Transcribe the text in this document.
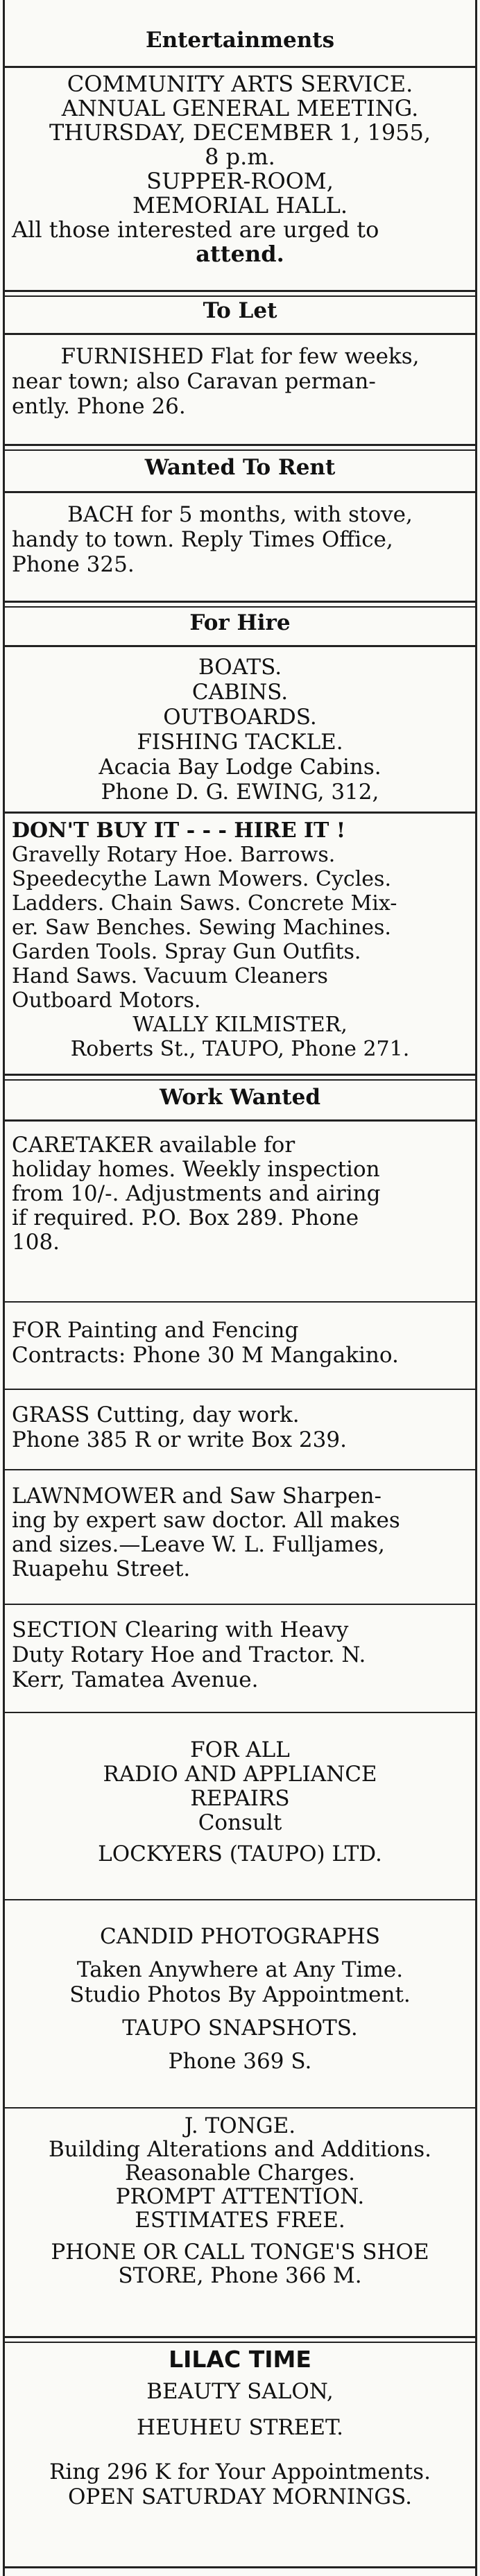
Entertainments
COMMUNITY ARTS SERVICE.
ANNUAL GENERAL MEETING.
THURSDAY, DECEMBER 1, 1955,
8 p.m.
SUPPER-ROOM,
MEMORIAL HALL.
All those interested are urged to
attend.
To Let
FURNISHED Flat for few weeks,
near town; also Caravan perman-
ently. Phone 26.
Wanted To Rent
BACH for 5 months, with stove,
handy to town. Reply Times Office,
Phone 325.
For Hire
BOATS.
CABINS.
OUTBOARDS.
FISHING TACKLE.
Acacia Bay Lodge Cabins.
Phone D. G. EWING, 312,
DON'T BUY IT - - - HIRE IT !
Gravelly Rotary Hoe. Barrows.
Speedecythe Lawn Mowers. Cycles.
Ladders. Chain Saws. Concrete Mix-
er. Saw Benches. Sewing Machines.
Garden Tools. Spray Gun Outfits.
Hand Saws. Vacuum Cleaners
Outboard Motors.
WALLY KILMISTER,
Roberts St., TAUPO, Phone 271.
Work Wanted
CARETAKER available for
holiday homes. Weekly inspection
from 10/-. Adjustments and airing
if required. P.O. Box 289. Phone
108.
FOR Painting and Fencing
Contracts: Phone 30 M Mangakino.
GRASS Cutting, day work.
Phone 385 R or write Box 239.
LAWNMOWER and Saw Sharpen-
ing by expert saw doctor. All makes
and sizes.—Leave W. L. Fulljames,
Ruapehu Street.
SECTION Clearing with Heavy
Duty Rotary Hoe and Tractor. N.
Kerr, Tamatea Avenue.
FOR ALL
RADIO AND APPLIANCE
REPAIRS
Consult
LOCKYERS (TAUPO) LTD.
CANDID PHOTOGRAPHS
Taken Anywhere at Any Time.
Studio Photos By Appointment.
TAUPO SNAPSHOTS.
Phone 369 S.
J. TONGE.
Building Alterations and Additions.
Reasonable Charges.
PROMPT ATTENTION.
ESTIMATES FREE.
PHONE OR CALL TONGE'S SHOE
STORE, Phone 366 M.
LILAC TIME
BEAUTY SALON,
HEUHEU STREET.
Ring 296 K for Your Appointments.
OPEN SATURDAY MORNINGS.
